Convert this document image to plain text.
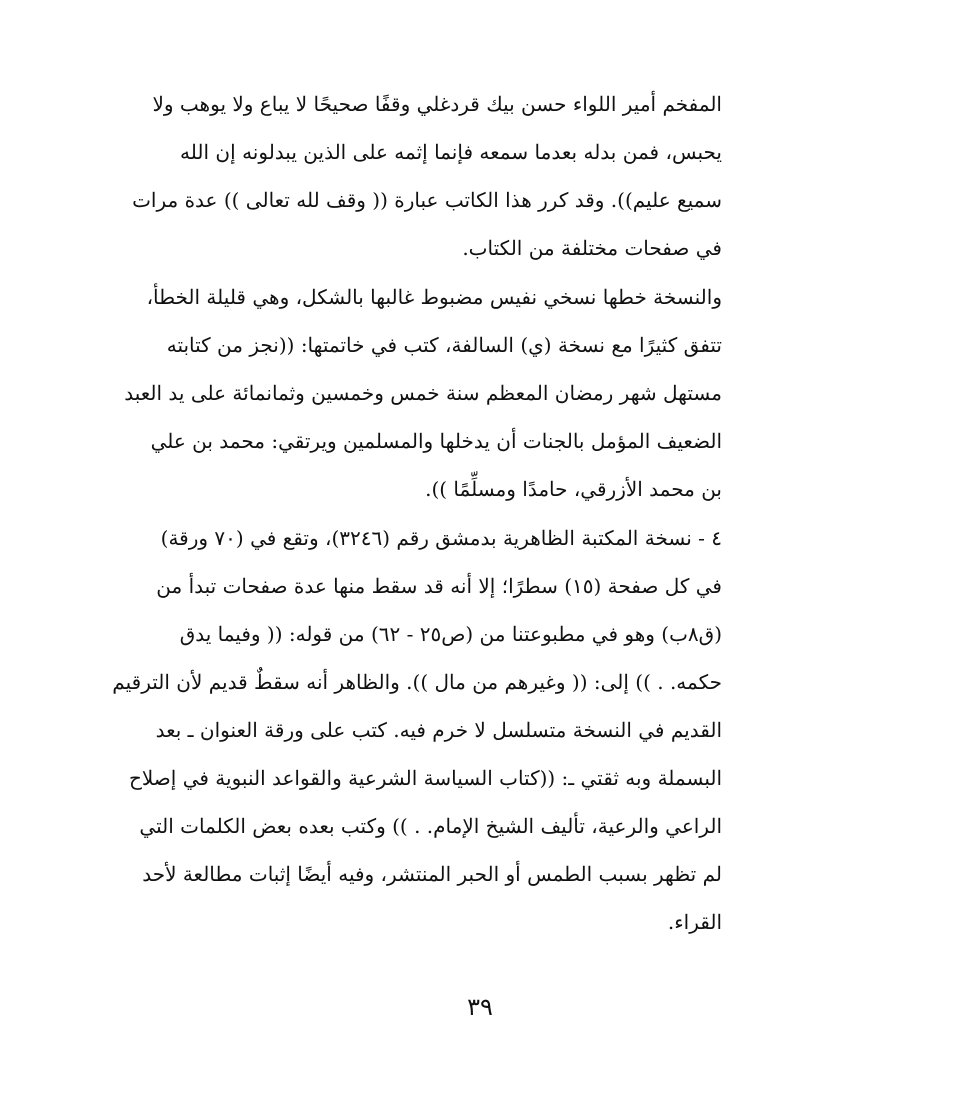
المفخم أمير اللواء حسن بيك قردغلي وقفًا صحيحًا لا يباع ولا يوهب ولا
يحبس، فمن بدله بعدما سمعه فإنما إثمه على الذين يبدلونه إن الله
سميع عليم)). وقد كرر هذا الكاتب عبارة (( وقف لله تعالى )) عدة مرات
في صفحات مختلفة من الكتاب.
والنسخة خطها نسخي نفيس مضبوط غالبها بالشكل، وهي قليلة الخطأ،
تتفق كثيرًا مع نسخة (ي) السالفة، كتب في خاتمتها: ((نجز من كتابته
مستهل شهر رمضان المعظم سنة خمس وخمسين وثمانمائة على يد العبد
الضعيف المؤمل بالجنات أن يدخلها والمسلمين ويرتقي: محمد بن علي
بن محمد الأزرقي، حامدًا ومسلِّمًا )).
٤ - نسخة المكتبة الظاهرية بدمشق رقم (٣٢٤٦)، وتقع في (٧٠ ورقة)
في كل صفحة (١٥) سطرًا؛ إلا أنه قد سقط منها عدة صفحات تبدأ من
(ق٨ب) وهو في مطبوعتنا من (ص٢٥ - ٦٢) من قوله: (( وفيما يدق
حكمه. . )) إلى: (( وغيرهم من مال )). والظاهر أنه سقطٌ قديم لأن الترقيم
القديم في النسخة متسلسل لا خرم فيه. كتب على ورقة العنوان ـ بعد
البسملة وبه ثقتي ـ: ((كتاب السياسة الشرعية والقواعد النبوية في إصلاح
الراعي والرعية، تأليف الشيخ الإمام. . )) وكتب بعده بعض الكلمات التي
لم تظهر بسبب الطمس أو الحبر المنتشر، وفيه أيضًا إثبات مطالعة لأحد
القراء.
٣٩
